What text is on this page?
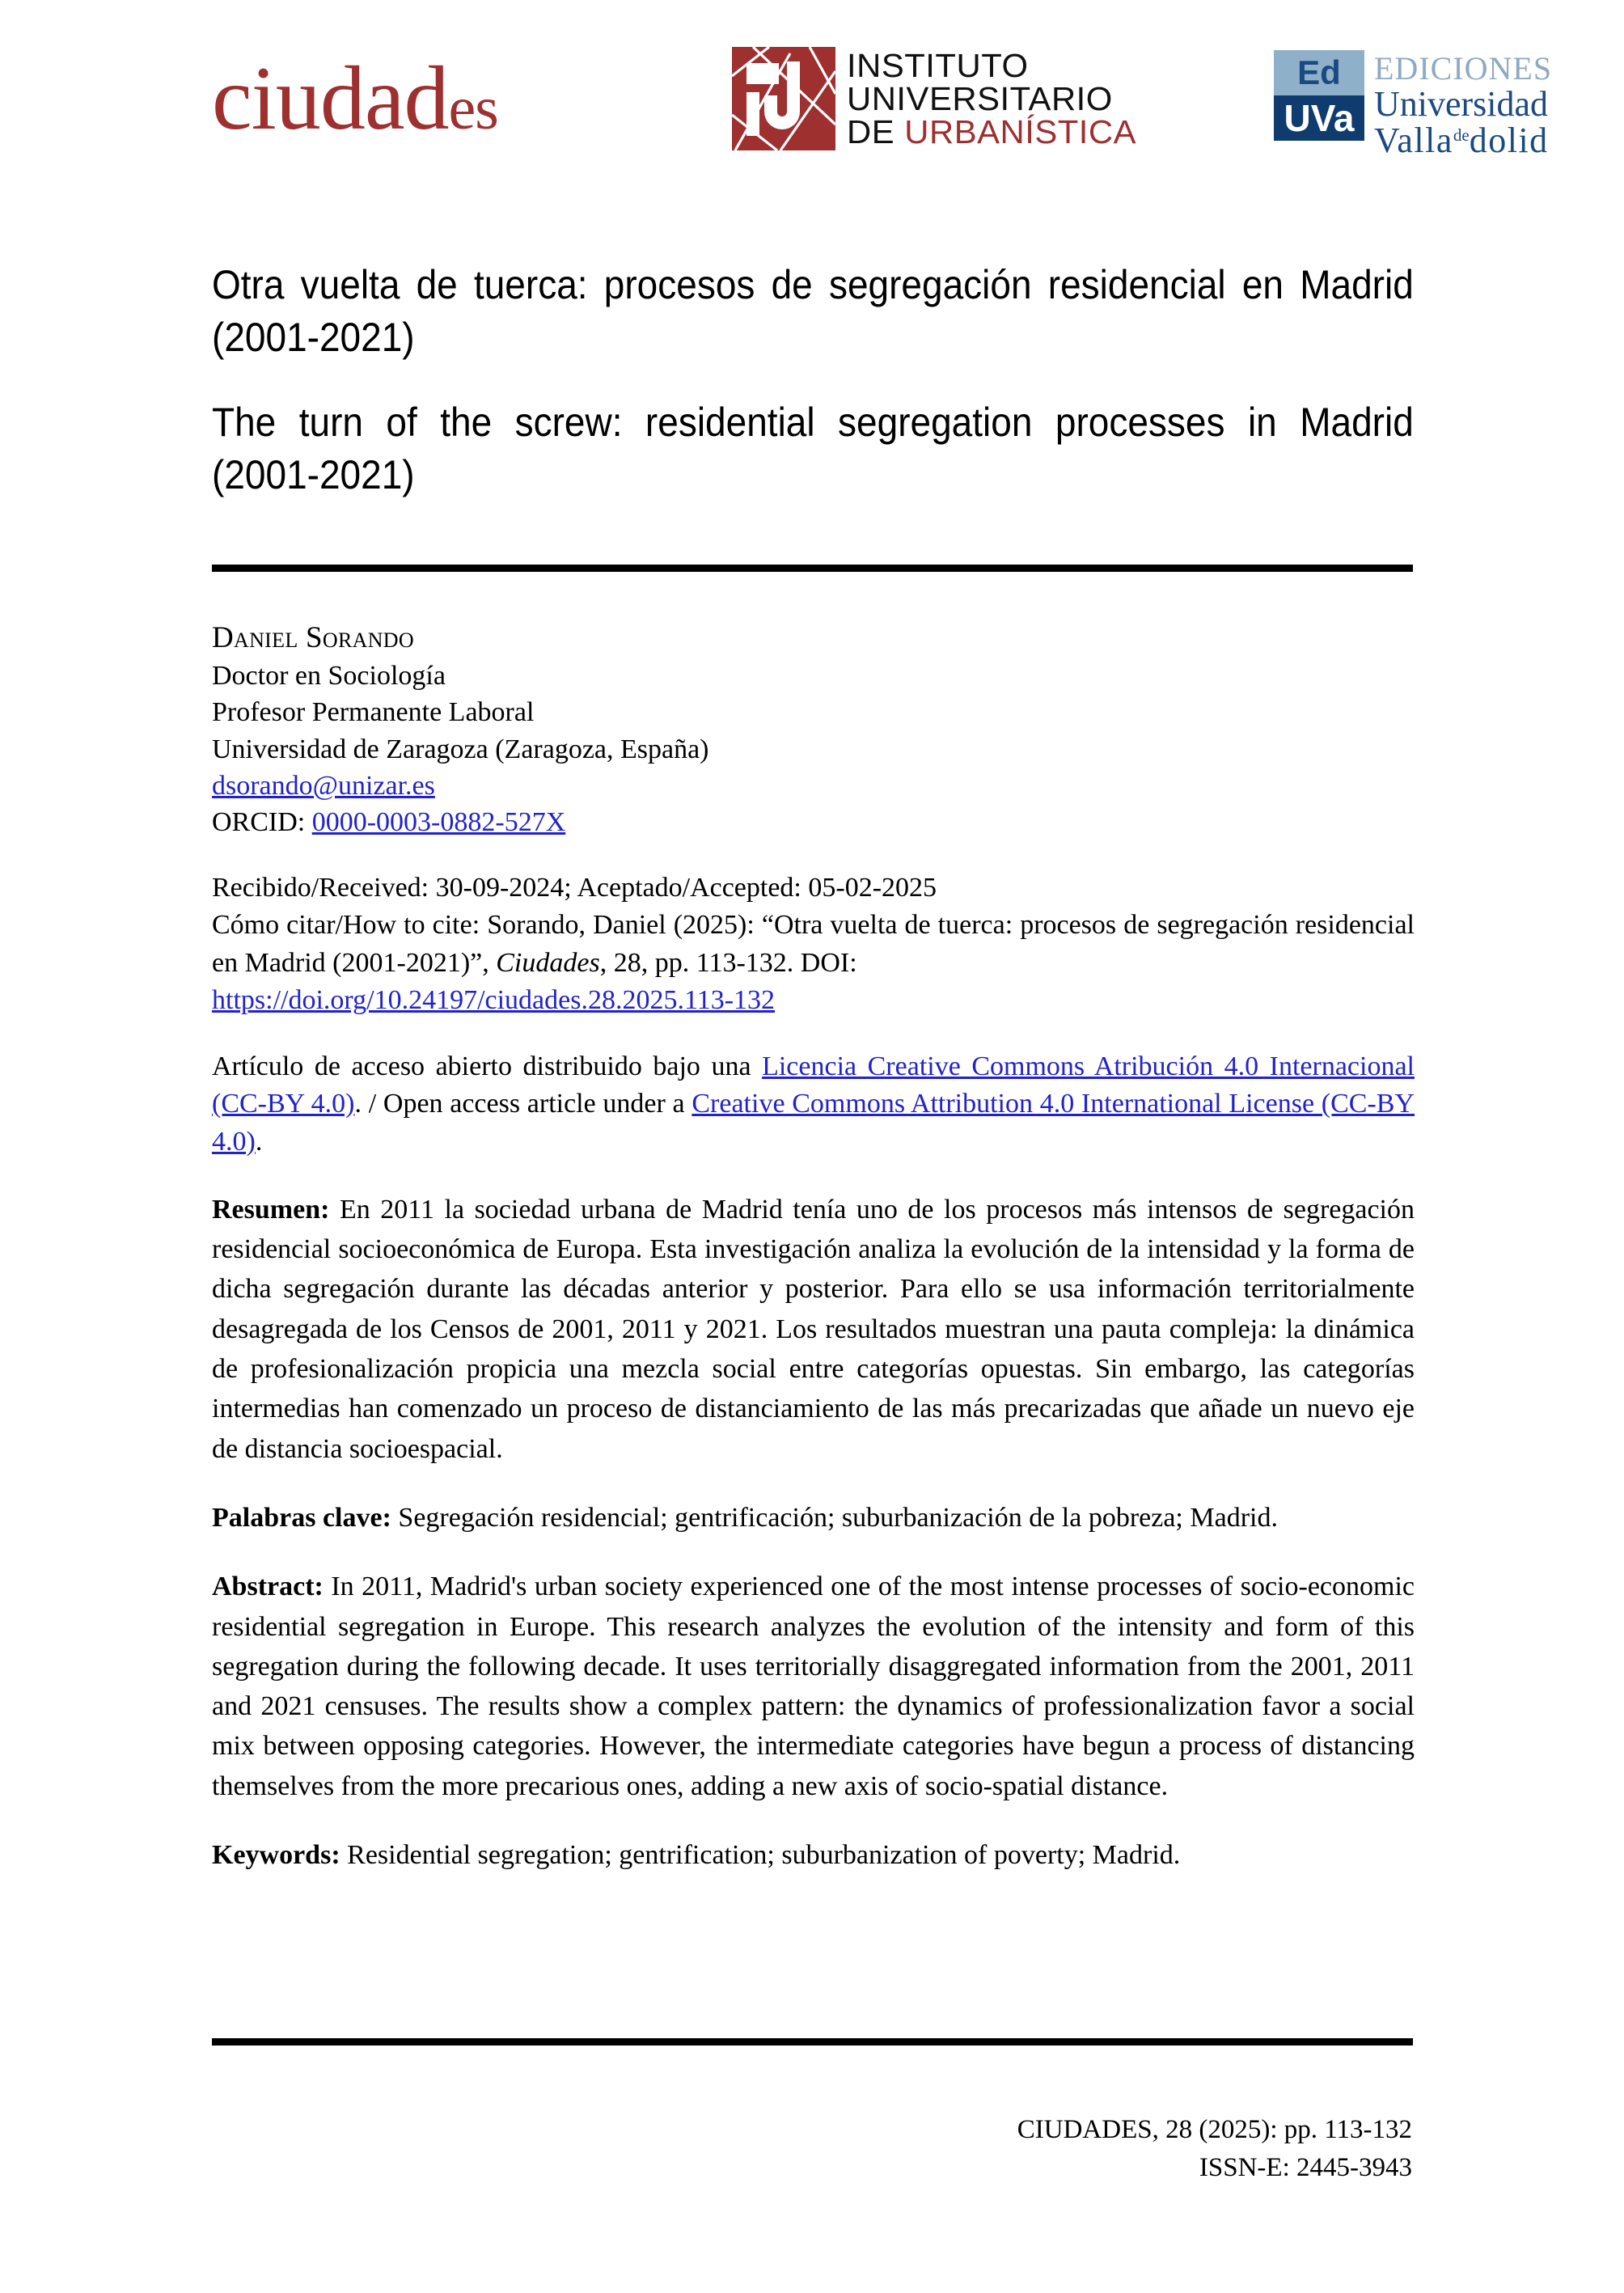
ciudades
INSTITUTO
UNIVERSITARIO
DE URBANÍSTICA
Ed
UVa
EDICIONES
Universidad
Valla$^{de}$dolid

Otra vuelta de tuerca: procesos de segregación residencial en Madrid (2001-2021)

The turn of the screw: residential segregation processes in Madrid (2001-2021)

Daniel Sorando
Doctor en Sociología
Profesor Permanente Laboral
Universidad de Zaragoza (Zaragoza, España)
dsorando@unizar.es
ORCID: 0000-0003-0882-527X
Recibido/Received: 30-09-2024; Aceptado/Accepted: 05-02-2025
Cómo citar/How to cite: Sorando, Daniel (2025): “Otra vuelta de tuerca: procesos de segregación residencial en Madrid (2001-2021)”, Ciudades, 28, pp. 113-132. DOI:
https://doi.org/10.24197/ciudades.28.2025.113-132
Artículo de acceso abierto distribuido bajo una Licencia Creative Commons Atribución 4.0 Internacional (CC-BY 4.0). / Open access article under a Creative Commons Attribution 4.0 International License (CC-BY 4.0).
Resumen: En 2011 la sociedad urbana de Madrid tenía uno de los procesos más intensos de segregación residencial socioeconómica de Europa. Esta investigación analiza la evolución de la intensidad y la forma de dicha segregación durante las décadas anterior y posterior. Para ello se usa información territorialmente desagregada de los Censos de 2001, 2011 y 2021. Los resultados muestran una pauta compleja: la dinámica de profesionalización propicia una mezcla social entre categorías opuestas. Sin embargo, las categorías intermedias han comenzado un proceso de distanciamiento de las más precarizadas que añade un nuevo eje de distancia socioespacial.
Palabras clave: Segregación residencial; gentrificación; suburbanización de la pobreza; Madrid.
Abstract: In 2011, Madrid's urban society experienced one of the most intense processes of socio-economic residential segregation in Europe. This research analyzes the evolution of the intensity and form of this segregation during the following decade. It uses territorially disaggregated information from the 2001, 2011 and 2021 censuses. The results show a complex pattern: the dynamics of professionalization favor a social mix between opposing categories. However, the intermediate categories have begun a process of distancing themselves from the more precarious ones, adding a new axis of socio-spatial distance.
Keywords: Residential segregation; gentrification; suburbanization of poverty; Madrid.
CIUDADES, 28 (2025): pp. 113-132
ISSN-E: 2445-3943
